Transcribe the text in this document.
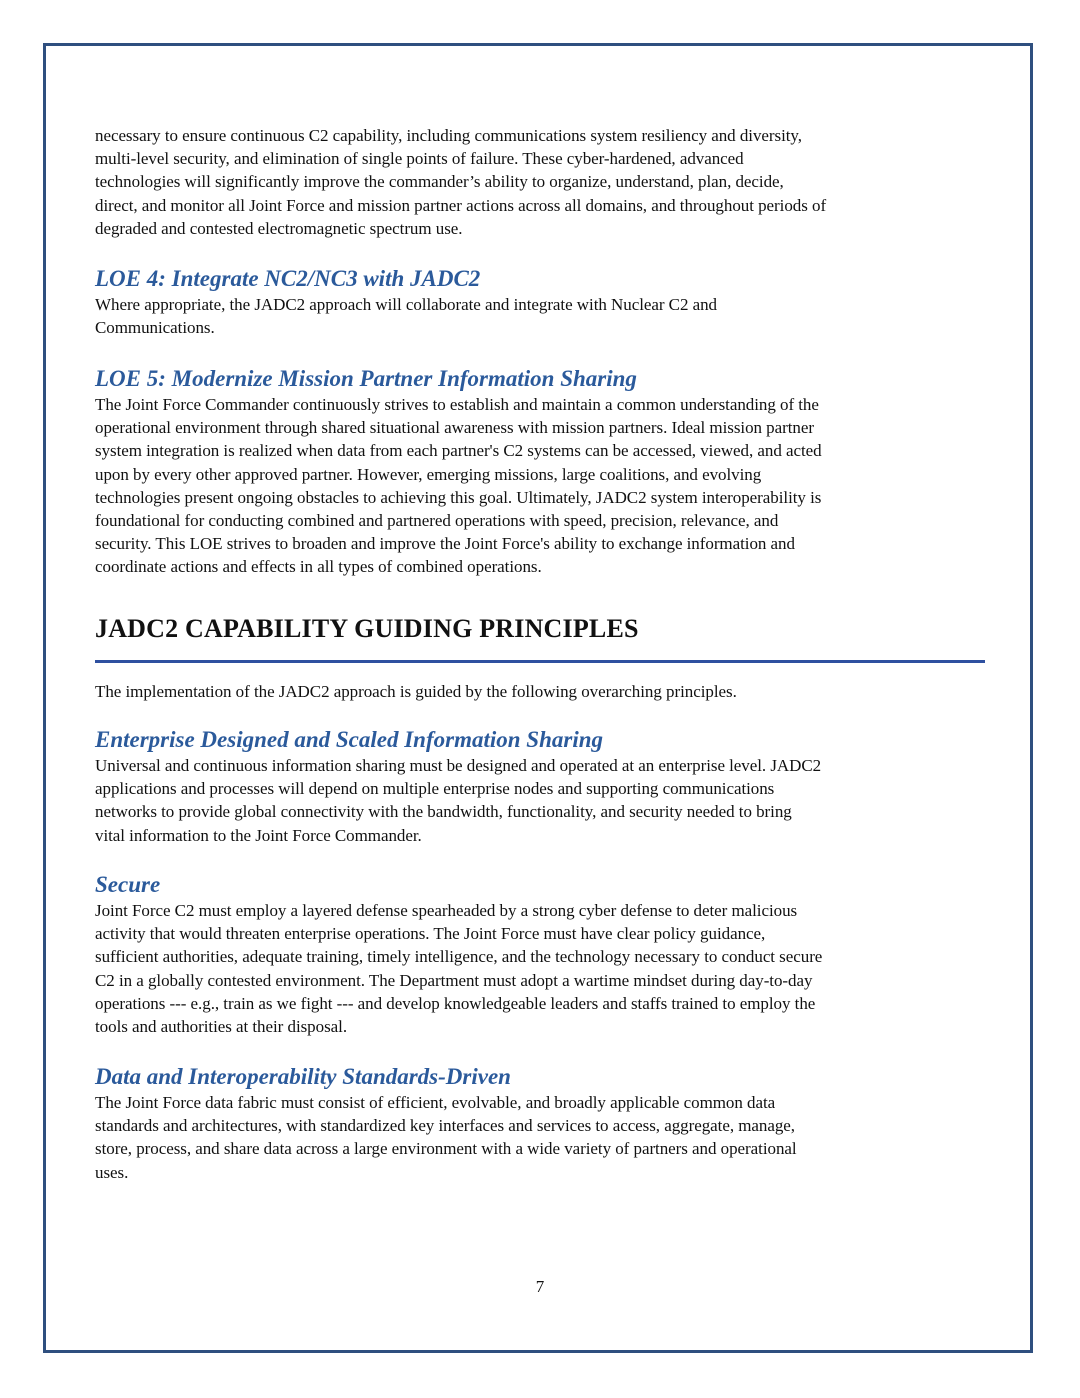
necessary to ensure continuous C2 capability, including communications system resiliency and diversity,

multi-level security, and elimination of single points of failure. These cyber-hardened, advanced

technologies will significantly improve the commander’s ability to organize, understand, plan, decide,

direct, and monitor all Joint Force and mission partner actions across all domains, and throughout periods of

degraded and contested electromagnetic spectrum use.

LOE 4: Integrate NC2/NC3 with JADC2

Where appropriate, the JADC2 approach will collaborate and integrate with Nuclear C2 and

Communications.

LOE 5: Modernize Mission Partner Information Sharing

The Joint Force Commander continuously strives to establish and maintain a common understanding of the

operational environment through shared situational awareness with mission partners. Ideal mission partner

system integration is realized when data from each partner's C2 systems can be accessed, viewed, and acted

upon by every other approved partner. However, emerging missions, large coalitions, and evolving

technologies present ongoing obstacles to achieving this goal. Ultimately, JADC2 system interoperability is

foundational for conducting combined and partnered operations with speed, precision, relevance, and

security. This LOE strives to broaden and improve the Joint Force's ability to exchange information and

coordinate actions and effects in all types of combined operations.

JADC2 CAPABILITY GUIDING PRINCIPLES

The implementation of the JADC2 approach is guided by the following overarching principles.

Enterprise Designed and Scaled Information Sharing

Universal and continuous information sharing must be designed and operated at an enterprise level. JADC2

applications and processes will depend on multiple enterprise nodes and supporting communications

networks to provide global connectivity with the bandwidth, functionality, and security needed to bring

vital information to the Joint Force Commander.

Secure

Joint Force C2 must employ a layered defense spearheaded by a strong cyber defense to deter malicious

activity that would threaten enterprise operations. The Joint Force must have clear policy guidance,

sufficient authorities, adequate training, timely intelligence, and the technology necessary to conduct secure

C2 in a globally contested environment. The Department must adopt a wartime mindset during day-to-day

operations --- e.g., train as we fight --- and develop knowledgeable leaders and staffs trained to employ the

tools and authorities at their disposal.

Data and Interoperability Standards-Driven

The Joint Force data fabric must consist of efficient, evolvable, and broadly applicable common data

standards and architectures, with standardized key interfaces and services to access, aggregate, manage,

store, process, and share data across a large environment with a wide variety of partners and operational

uses.

7
